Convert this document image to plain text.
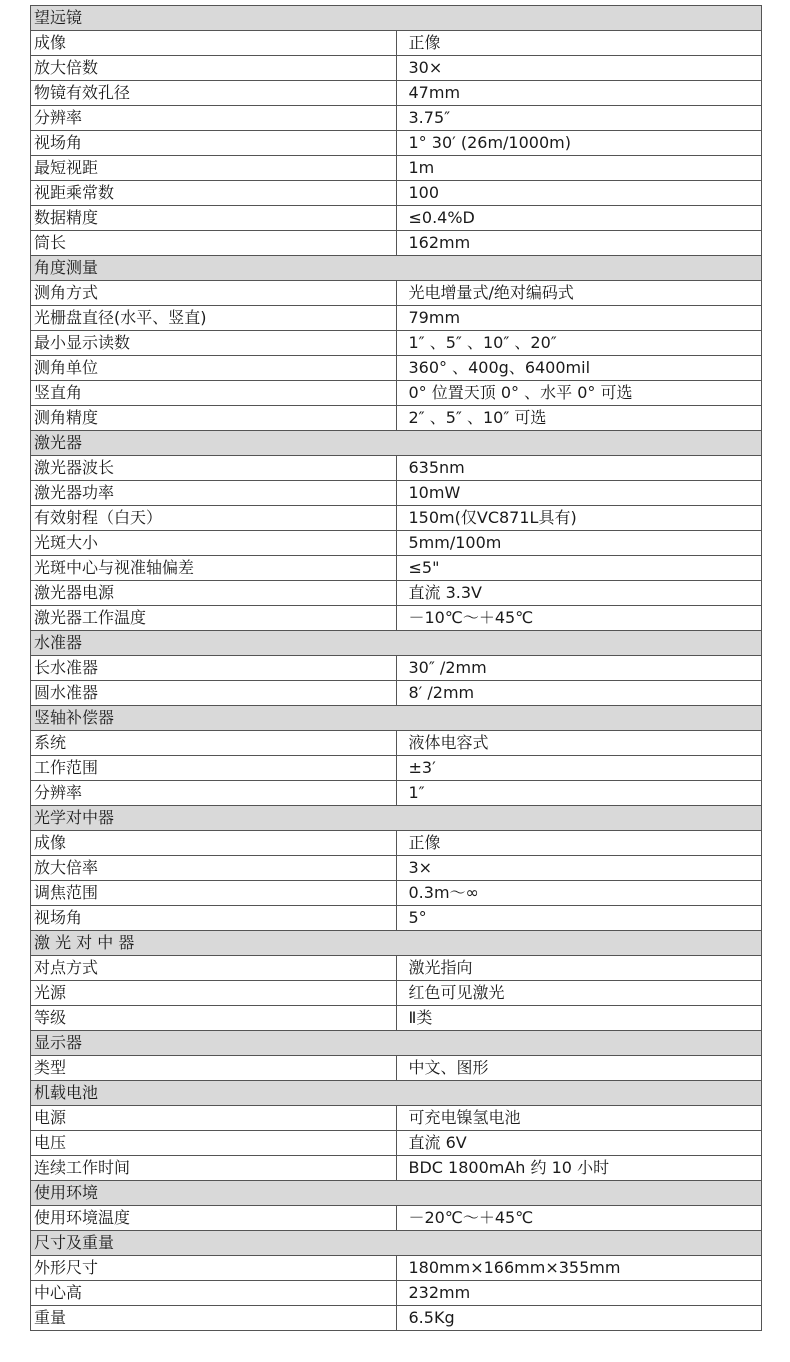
望远镜	
成像	正像
放大倍数	30×
物镜有效孔径	47mm
分辨率	3.75″
视场角	1° 30′ (26m/1000m)
最短视距	1m
视距乘常数	100
数据精度	≤0.4%D
筒长	162mm
角度测量	
测角方式	光电增量式/绝对编码式
光栅盘直径(水平、竖直)	79mm
最小显示读数	1″ 、5″ 、10″ 、20″
测角单位	360° 、400g、6400mil
竖直角	0° 位置天顶 0° 、水平 0° 可选
测角精度	2″ 、5″ 、10″ 可选
激光器	
激光器波长	635nm
激光器功率	10mW
有效射程（白天）	150m(仅VC871L具有)
光斑大小	5mm/100m
光斑中心与视准轴偏差	≤5"
激光器电源	直流 3.3V
激光器工作温度	－10℃～＋45℃
水准器	
长水准器	30″ /2mm
圆水准器	8′ /2mm
竖轴补偿器	
系统	液体电容式
工作范围	±3′
分辨率	1″
光学对中器	
成像	正像
放大倍率	3×
调焦范围	0.3m～∞
视场角	5°
激 光 对 中 器	
对点方式	激光指向
光源	红色可见激光
等级	Ⅱ类
显示器	
类型	中文、图形
机载电池	
电源	可充电镍氢电池
电压	直流 6V
连续工作时间	BDC 1800mAh 约 10 小时
使用环境	
使用环境温度	－20℃～＋45℃
尺寸及重量	
外形尺寸	180mm×166mm×355mm
中心高	232mm
重量	6.5Kg
